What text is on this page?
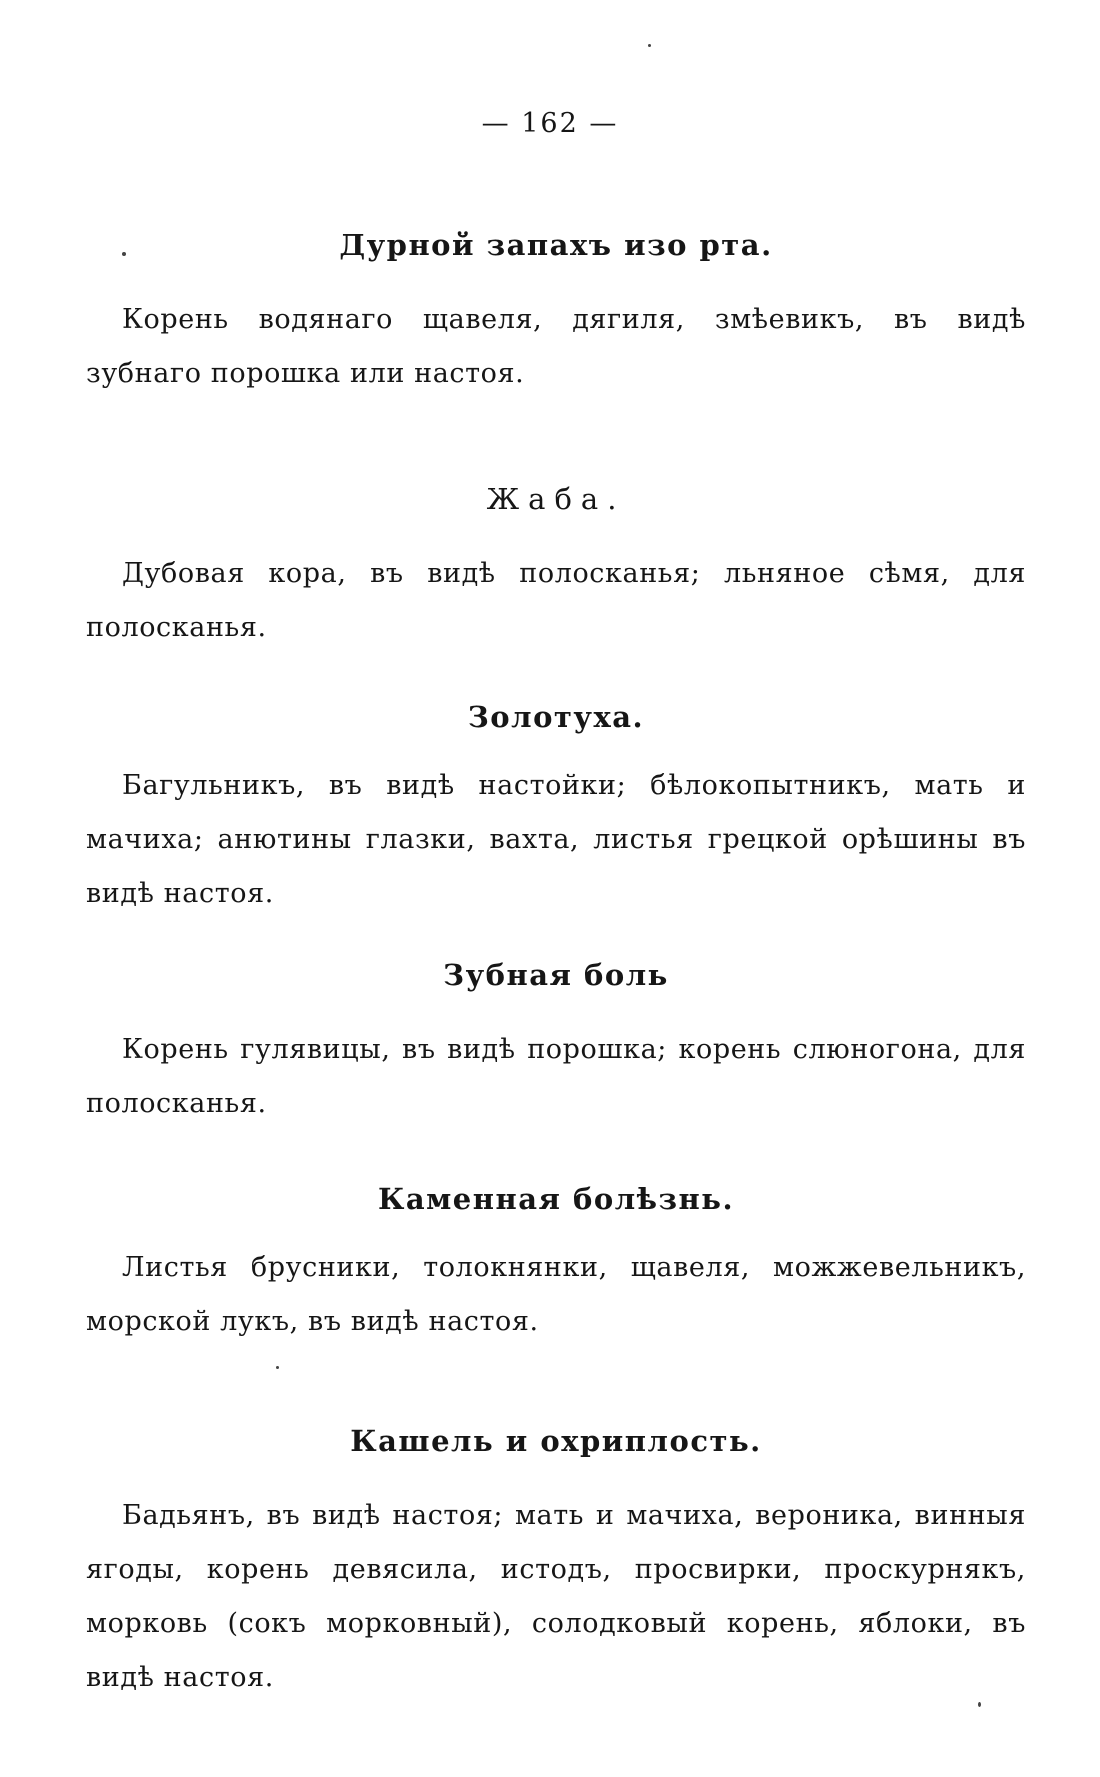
— 162 —
Дурной запахъ изо рта.

Корень водянаго щавеля, дягиля, змѣевикъ, въ видѣ зубнаго порошка или настоя.

Жаба.

Дубовая кора, въ видѣ полосканья; льняное сѣмя, для полосканья.

Золотуха.

Багульникъ, въ видѣ настойки; бѣлокопытникъ, мать и мачиха; анютины глазки, вахта, листья грецкой орѣшины въ видѣ настоя.

Зубная боль

Корень гулявицы, въ видѣ порошка; корень слюногона, для полосканья.

Каменная болѣзнь.

Листья брусники, толокнянки, щавеля, можжевельникъ, морской лукъ, въ видѣ настоя.

Кашель и охриплость.

Бадьянъ, въ видѣ настоя; мать и мачиха, вероника, винныя ягоды, корень девясила, истодъ, просвирки, проскурнякъ, морковь (сокъ морковный), солодковый корень, яблоки, въ видѣ настоя.
